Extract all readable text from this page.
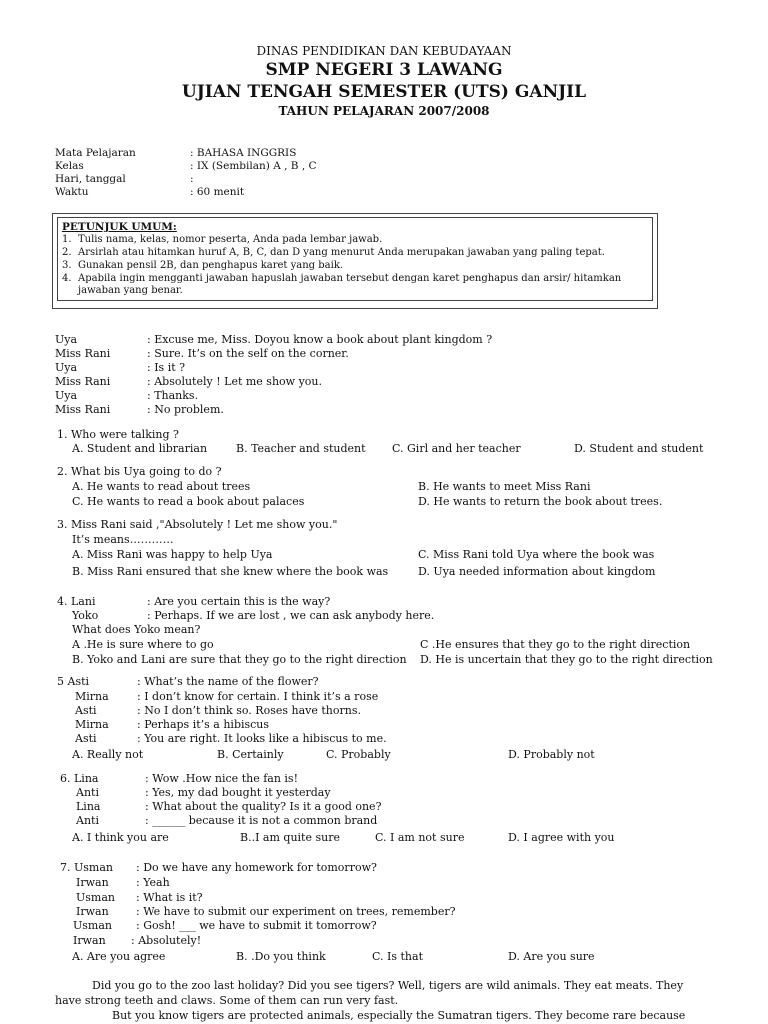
DINAS PENDIDIKAN DAN KEBUDAYAAN
SMP NEGERI 3 LAWANG
UJIAN TENGAH SEMESTER (UTS) GANJIL
TAHUN PELAJARAN 2007/2008
Mata Pelajaran	: BAHASA INGGRIS
Kelas	: IX (Sembilan) A , B , C
Hari, tanggal	:
Waktu	: 60 menit
PETUNJUK UMUM:
1. Tulis nama, kelas, nomor peserta, Anda pada lembar jawab.
2. Arsirlah atau hitamkan huruf A, B, C, dan D yang menurut Anda merupakan jawaban yang paling tepat.
3. Gunakan pensil 2B, dan penghapus karet yang baik.
4. Apabila ingin mengganti jawaban hapuslah jawaban tersebut dengan karet penghapus dan arsir/ hitamkan jawaban yang benar.
Uya	: Excuse me, Miss. Doyou know a book about plant kingdom ?
Miss Rani	: Sure. It’s on the self on the corner.
Uya	: Is it ?
Miss Rani	: Absolutely ! Let me show you.
Uya	: Thanks.
Miss Rani	: No problem.
1. Who were talking ?
A. Student and librarian	B. Teacher and student C. Girl and her teacher	D. Student and student
2. What bis Uya going to do ?
A. He wants to read about trees	B. He wants to meet Miss Rani
C. He wants to read a book about palaces	D. He wants to return the book about trees.
3. Miss Rani said ,"Absolutely ! Let me show you."
It’s means…………
A. Miss Rani was happy to help Uya	C. Miss Rani told Uya where the book was
B. Miss Rani ensured that she knew where the book was	D. Uya needed information about kingdom
4. Lani	: Are you certain this is the way?
Yoko	: Perhaps. If we are lost , we can ask anybody here.
What does Yoko mean?
A .He is sure where to go	C .He ensures that they go to the right direction
B. Yoko and Lani are sure that they go to the right direction D. He is uncertain that they go to the right direction
5 Asti	: What’s the name of the flower?
Mirna	: I don’t know for certain. I think it’s a rose
Asti	: No I don’t think so. Roses have thorns.
Mirna	: Perhaps it’s a hibiscus
Asti	: You are right. It looks like a hibiscus to me.
A. Really not	B. Certainly	C. Probably	D. Probably not
6. Lina	: Wow .How nice the fan is!
Anti	: Yes, my dad bought it yesterday
Lina	: What about the quality? Is it a good one?
Anti	: ______ because it is not a common brand
A. I think you are	B..I am quite sure	C. I am not sure	D. I agree with you
7. Usman : Do we have any homework for tomorrow?
Irwan : Yeah
Usman : What is it?
Irwan : We have to submit our experiment on trees, remember?
Usman : Gosh! ___ we have to submit it tomorrow?
Irwan : Absolutely!
A. Are you agree	B. .Do you think	C. Is that	D. Are you sure
Did you go to the zoo last holiday? Did you see tigers? Well, tigers are wild animals. They eat meats. They
have strong teeth and claws. Some of them can run very fast.
But you know tigers are protected animals, especially the Sumatran tigers. They become rare because
